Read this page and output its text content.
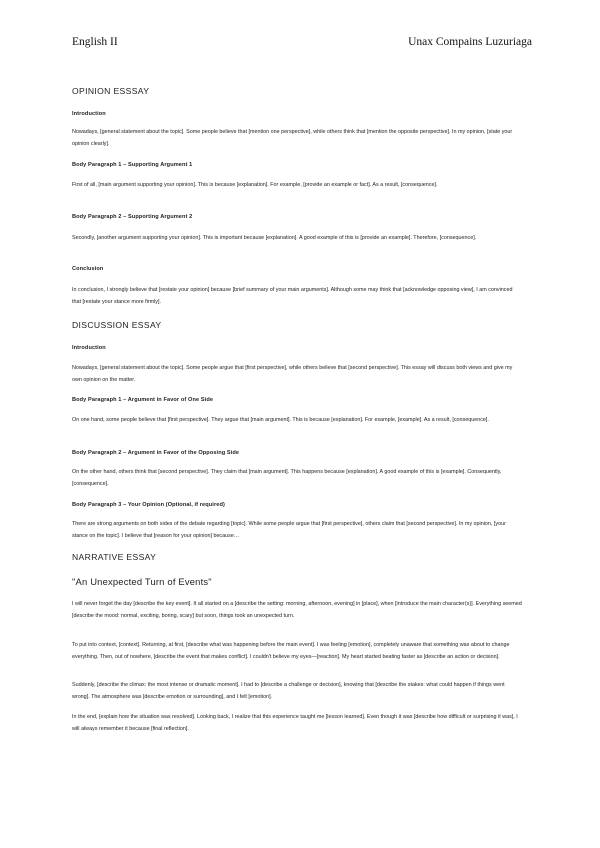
English II	Unax Compains Luzuriaga
OPINION ESSSAY
Introduction

Nowadays, [general statement about the topic]. Some people believe that [mention one perspective], while others think that [mention the opposite perspective]. In my opinion, [state your opinion clearly].

Body Paragraph 1 – Supporting Argument 1

First of all, [main argument supporting your opinion]. This is because [explanation]. For example, [provide an example or fact]. As a result, [consequence].

Body Paragraph 2 – Supporting Argument 2

Secondly, [another argument supporting your opinion]. This is important because [explanation]. A good example of this is [provide an example]. Therefore, [consequence].

Conclusion

In conclusion, I strongly believe that [restate your opinion] because [brief summary of your main arguments]. Although some may think that [acknowledge opposing view], I am convinced that [restate your stance more firmly].

DISCUSSION ESSAY
Introduction

Nowadays, [general statement about the topic]. Some people argue that [first perspective], while others believe that [second perspective]. This essay will discuss both views and give my own opinion on the matter.

Body Paragraph 1 – Argument in Favor of One Side

On one hand, some people believe that [first perspective]. They argue that [main argument]. This is because [explanation]. For example, [example]. As a result, [consequence].

Body Paragraph 2 – Argument in Favor of the Opposing Side

On the other hand, others think that [second perspective]. They claim that [main argument]. This happens because [explanation]. A good example of this is [example]. Consequently, [consequence].

Body Paragraph 3 – Your Opinion (Optional, if required)

There are strong arguments on both sides of the debate regarding [topic]. While some people argue that [first perspective], others claim that [second perspective]. In my opinion, [your stance on the topic]. I believe that [reason for your opinion] because…

NARRATIVE ESSAY
"An Unexpected Turn of Events"

I will never forget the day [describe the key event]. It all started on a [describe the setting: morning, afternoon, evening] in [place], when [introduce the main character(s)]. Everything seemed [describe the mood: normal, exciting, boring, scary] but soon, things took an unexpected turn.

To put into context, [context]. Returning, at first, [describe what was happening before the main event]. I was feeling [emotion], completely unaware that something was about to change everything. Then, out of nowhere, [describe the event that makes conflict]. I couldn't believe my eyes—[reaction]. My heart started beating faster as [describe an action or decision].

Suddenly, [describe the climax: the most intense or dramatic moment]. I had to [describe a challenge or decision], knowing that [describe the stakes: what could happen if things went wrong]. The atmosphere was [describe emotion or surrounding], and I felt [emotion].

In the end, [explain how the situation was resolved]. Looking back, I realize that this experience taught me [lesson learned]. Even though it was [describe how difficult or surprising it was], I will always remember it because [final reflection].
